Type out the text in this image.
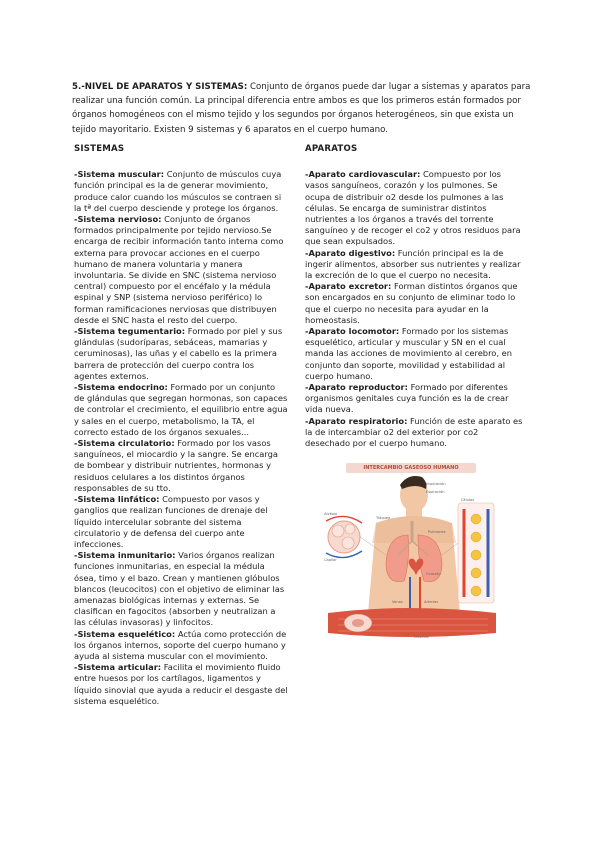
5.-NIVEL DE APARATOS Y SISTEMAS: Conjunto de órganos puede dar lugar a sistemas y aparatos para realizar una función común. La principal diferencia entre ambos es que los primeros están formados por órganos homogéneos con el mismo tejido y los segundos por órganos heterogéneos, sin que exista un tejido mayoritario. Existen 9 sistemas y 6 aparatos en el cuerpo humano.

SISTEMAS

-Sistema muscular: Conjunto de músculos cuya función principal es la de generar movimiento, produce calor cuando los músculos se contraen si la tª del cuerpo desciende y protege los órganos.

-Sistema nervioso: Conjunto de órganos formados principalmente por tejido nervioso.Se encarga de recibir información tanto interna como externa para provocar acciones en el cuerpo humano de manera voluntaria y manera involuntaria. Se divide en SNC (sistema nervioso central) compuesto por el encéfalo y la médula espinal y SNP (sistema nervioso periférico) lo forman ramificaciones nerviosas que distribuyen desde el SNC hasta el resto del cuerpo.

-Sistema tegumentario: Formado por piel y sus glándulas (sudoríparas, sebáceas, mamarias y ceruminosas), las uñas y el cabello es la primera barrera de protección del cuerpo contra los agentes externos.

-Sistema endocrino: Formado por un conjunto de glándulas que segregan hormonas, son capaces de controlar el crecimiento, el equilibrio entre agua y sales en el cuerpo, metabolismo, la TA, el correcto estado de los órganos sexuales...

-Sistema circulatorio: Formado por los vasos sanguíneos, el miocardio y la sangre. Se encarga de bombear y distribuir nutrientes, hormonas y residuos celulares a los distintos órganos responsables de su tto.

-Sistema linfático: Compuesto por vasos y ganglios que realizan funciones de drenaje del líquido intercelular sobrante del sistema circulatorio y de defensa del cuerpo ante infecciones.

-Sistema inmunitario: Varios órganos realizan funciones inmunitarias, en especial la médula ósea, timo y el bazo. Crean y mantienen glóbulos blancos (leucocitos) con el objetivo de eliminar las amenazas biológicas internas y externas. Se clasifican en fagocitos (absorben y neutralizan a las células invasoras) y linfocitos.

-Sistema esquelético: Actúa como protección de los órganos internos, soporte del cuerpo humano y ayuda al sistema muscular con el movimiento.

-Sistema articular: Facilita el movimiento fluido entre huesos por los cartílagos, ligamentos y líquido sinovial que ayuda a reducir el desgaste del sistema esquelético.

APARATOS

-Aparato cardiovascular: Compuesto por los vasos sanguíneos, corazón y los pulmones. Se ocupa de distribuir o2 desde los pulmones a las células. Se encarga de suministrar distintos nutrientes a los órganos a través del torrente sanguíneo y de recoger el co2 y otros residuos para que sean expulsados.

-Aparato digestivo: Función principal es la de ingerir alimentos, absorber sus nutrientes y realizar la excreción de lo que el cuerpo no necesita.

-Aparato excretor: Forman distintos órganos que son encargados en su conjunto de eliminar todo lo que el cuerpo no necesita para ayudar en la homeostasis.

-Aparato locomotor: Formado por los sistemas esquelético, articular y muscular y SN en el cual manda las acciones de movimiento al cerebro, en conjunto dan soporte, movilidad y estabilidad al cuerpo humano.

-Aparato reproductor: Formado por diferentes organismos genitales cuya función es la de crear vida nueva.

-Aparato respiratorio: Función de este aparato es la de intercambiar o2 del exterior por co2 desechado por el cuerpo humano.

INTERCAMBIO GASEOSO HUMANO
Tráquea
Pulmones
Inspiración
Espiración
Alvéolo
Capilar
Corazón
Venas	Arterias
Músculo
Células
